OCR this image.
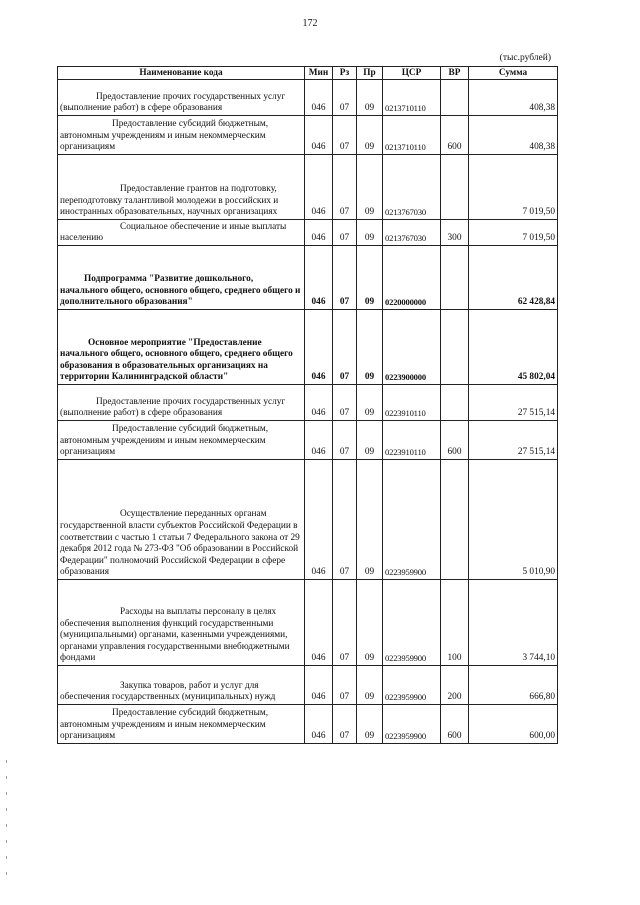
172
(тыс.рублей)
Наименование кода	Мин	Рз	Пр	ЦСР	ВР	Сумма

Предоставление прочих государственных услуг (выполнение работ) в сфере образования	046	07	09	0213710110		408,38

Предоставление субсидий бюджетным, автономным учреждениям и иным некоммерческим организациям	046	07	09	0213710110	600	408,38

Предоставление грантов на подготовку, переподготовку талантливой молодежи в российских и иностранных образовательных, научных организациях	046	07	09	0213767030		7 019,50

Социальное обеспечение и иные выплаты населению	046	07	09	0213767030	300	7 019,50

Подпрограмма "Развитие дошкольного, начального общего, основного общего, среднего общего и дополнительного образования"	046	07	09	0220000000		62 428,84

Основное мероприятие "Предоставление начального общего, основного общего, среднего общего образования в образовательных организациях на территории Калининградской области"	046	07	09	0223900000		45 802,04

Предоставление прочих государственных услуг (выполнение работ) в сфере образования	046	07	09	0223910110		27 515,14

Предоставление субсидий бюджетным, автономным учреждениям и иным некоммерческим организациям	046	07	09	0223910110	600	27 515,14

Осуществление переданных органам государственной власти субъектов Российской Федерации в соответствии с частью 1 статьи 7 Федерального закона от 29 декабря 2012 года № 273-ФЗ "Об образовании в Российской Федерации" полномочий Российской Федерации в сфере образования	046	07	09	0223959900		5 010,90

Расходы на выплаты персоналу в целях обеспечения выполнения функций государственными (муниципальными) органами, казенными учреждениями, органами управления государственными внебюджетными фондами	046	07	09	0223959900	100	3 744,10

Закупка товаров, работ и услуг для обеспечения государственных (муниципальных) нужд	046	07	09	0223959900	200	666,80

Предоставление субсидий бюджетным, автономным учреждениям и иным некоммерческим организациям	046	07	09	0223959900	600	600,00
